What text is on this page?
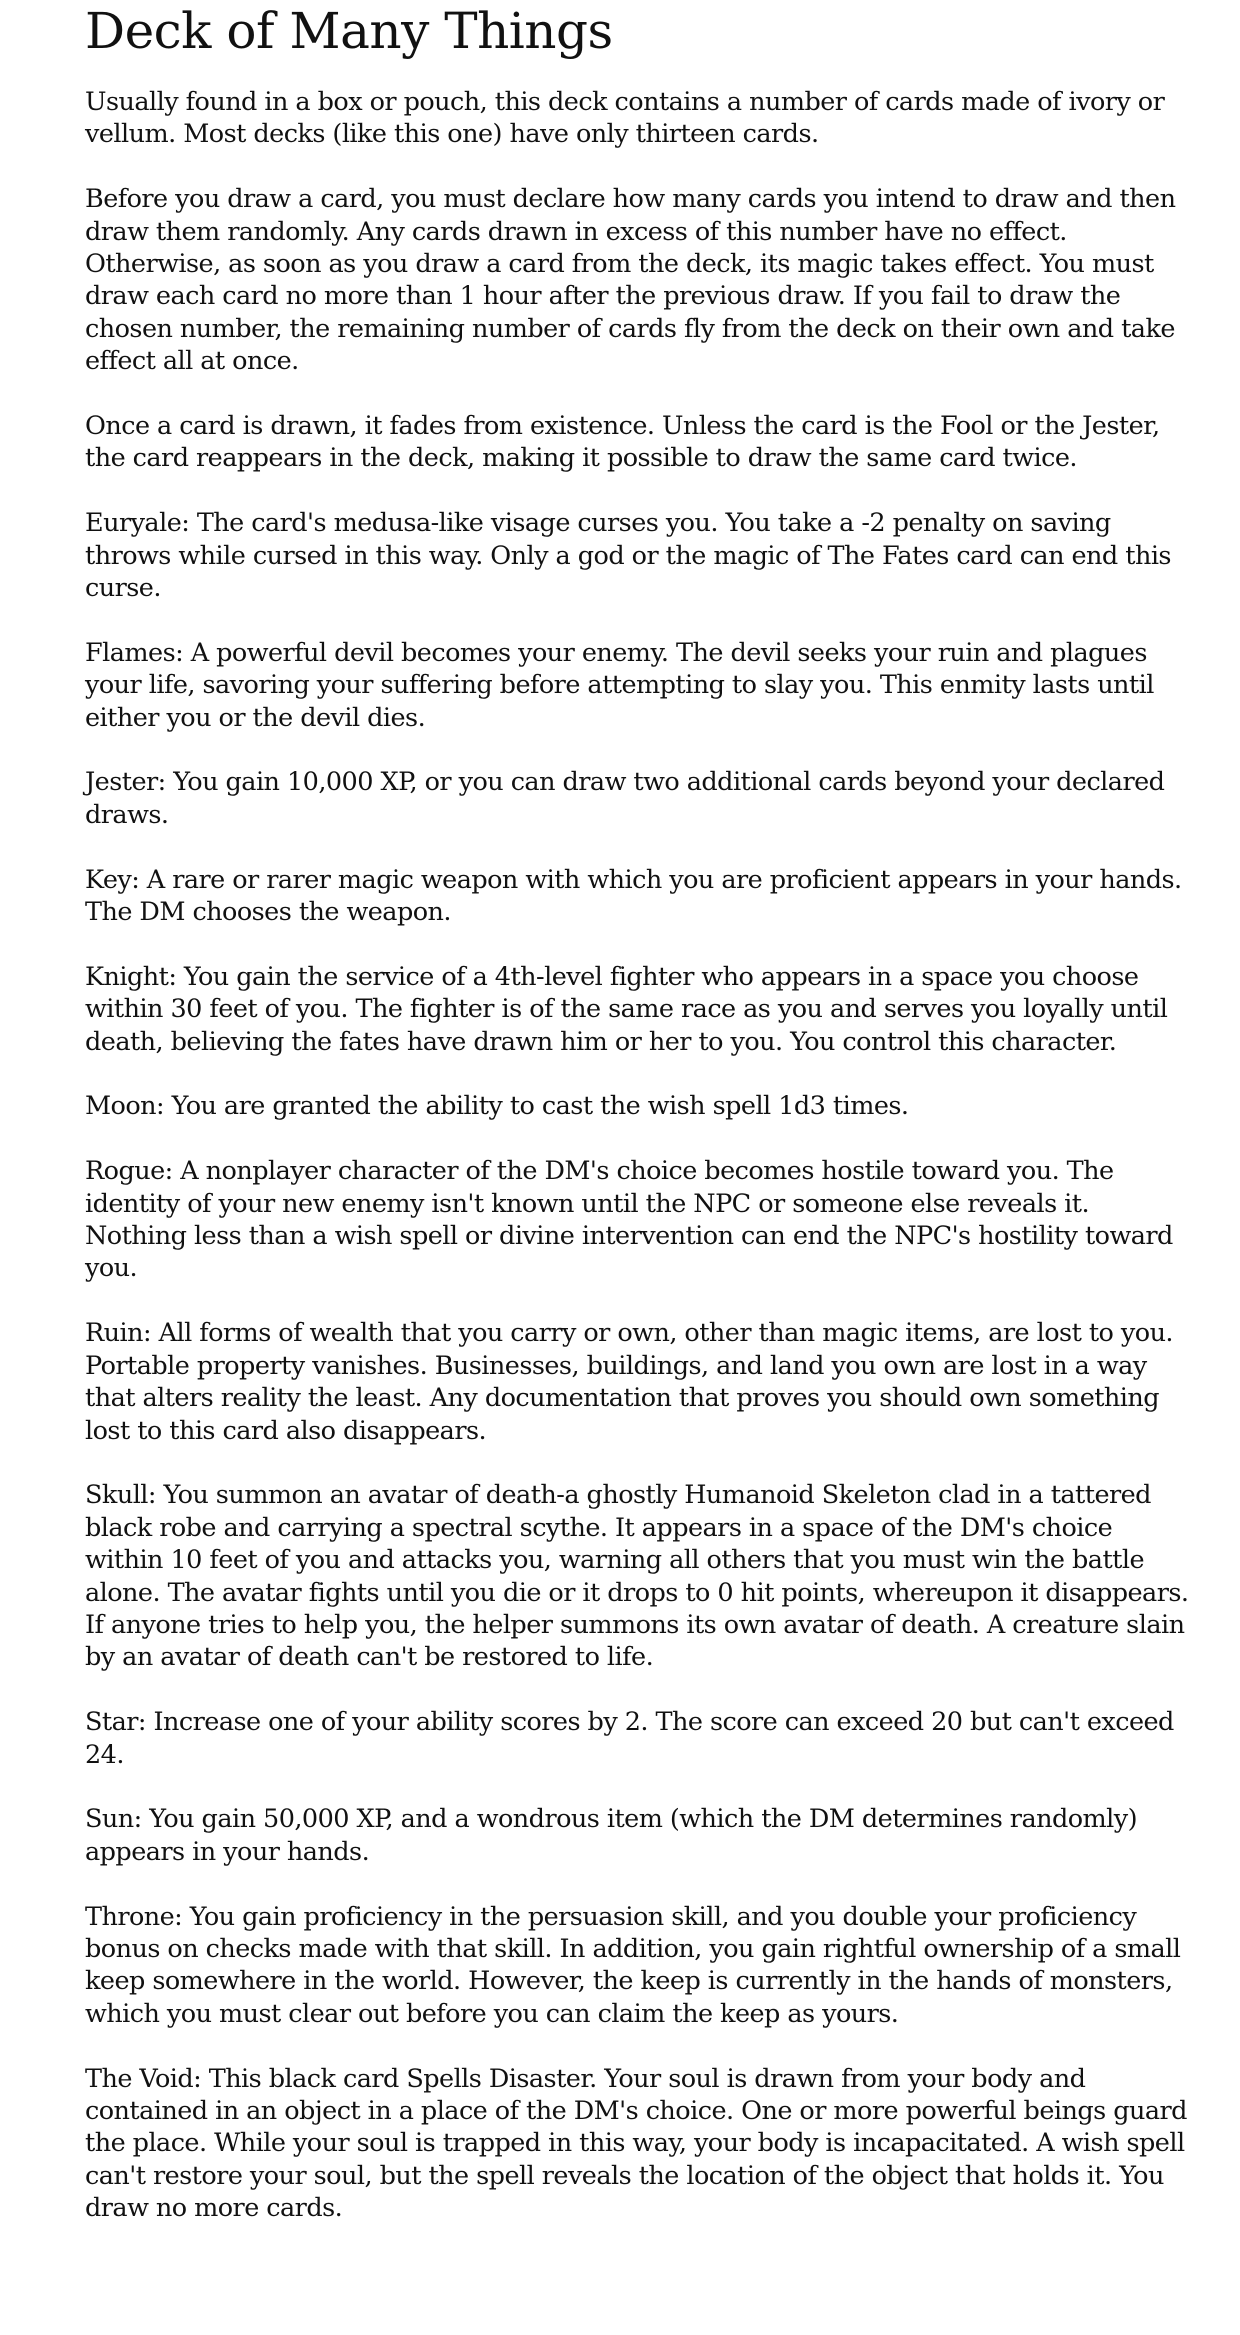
Deck of Many Things

Usually found in a box or pouch, this deck contains a number of cards made of ivory or vellum. Most decks (like this one) have only thirteen cards.

Before you draw a card, you must declare how many cards you intend to draw and then draw them randomly. Any cards drawn in excess of this number have no effect. Otherwise, as soon as you draw a card from the deck, its magic takes effect. You must draw each card no more than 1 hour after the previous draw. If you fail to draw the chosen number, the remaining number of cards fly from the deck on their own and take effect all at once.

Once a card is drawn, it fades from existence. Unless the card is the Fool or the Jester, the card reappears in the deck, making it possible to draw the same card twice.

Euryale: The card's medusa-like visage curses you. You take a -2 penalty on saving throws while cursed in this way. Only a god or the magic of The Fates card can end this curse.

Flames: A powerful devil becomes your enemy. The devil seeks your ruin and plagues your life, savoring your suffering before attempting to slay you. This enmity lasts until either you or the devil dies.

Jester: You gain 10,000 XP, or you can draw two additional cards beyond your declared draws.

Key: A rare or rarer magic weapon with which you are proficient appears in your hands. The DM chooses the weapon.

Knight: You gain the service of a 4th-level fighter who appears in a space you choose within 30 feet of you. The fighter is of the same race as you and serves you loyally until death, believing the fates have drawn him or her to you. You control this character.

Moon: You are granted the ability to cast the wish spell 1d3 times.

Rogue: A nonplayer character of the DM's choice becomes hostile toward you. The identity of your new enemy isn't known until the NPC or someone else reveals it. Nothing less than a wish spell or divine intervention can end the NPC's hostility toward you.

Ruin: All forms of wealth that you carry or own, other than magic items, are lost to you. Portable property vanishes. Businesses, buildings, and land you own are lost in a way that alters reality the least. Any documentation that proves you should own something lost to this card also disappears.

Skull: You summon an avatar of death-a ghostly Humanoid Skeleton clad in a tattered black robe and carrying a spectral scythe. It appears in a space of the DM's choice within 10 feet of you and attacks you, warning all others that you must win the battle alone. The avatar fights until you die or it drops to 0 hit points, whereupon it disappears. If anyone tries to help you, the helper summons its own avatar of death. A creature slain by an avatar of death can't be restored to life.

Star: Increase one of your ability scores by 2. The score can exceed 20 but can't exceed 24.

Sun: You gain 50,000 XP, and a wondrous item (which the DM determines randomly) appears in your hands.

Throne: You gain proficiency in the persuasion skill, and you double your proficiency bonus on checks made with that skill. In addition, you gain rightful ownership of a small keep somewhere in the world. However, the keep is currently in the hands of monsters, which you must clear out before you can claim the keep as yours.

The Void: This black card Spells Disaster. Your soul is drawn from your body and contained in an object in a place of the DM's choice. One or more powerful beings guard the place. While your soul is trapped in this way, your body is incapacitated. A wish spell can't restore your soul, but the spell reveals the location of the object that holds it. You draw no more cards.
